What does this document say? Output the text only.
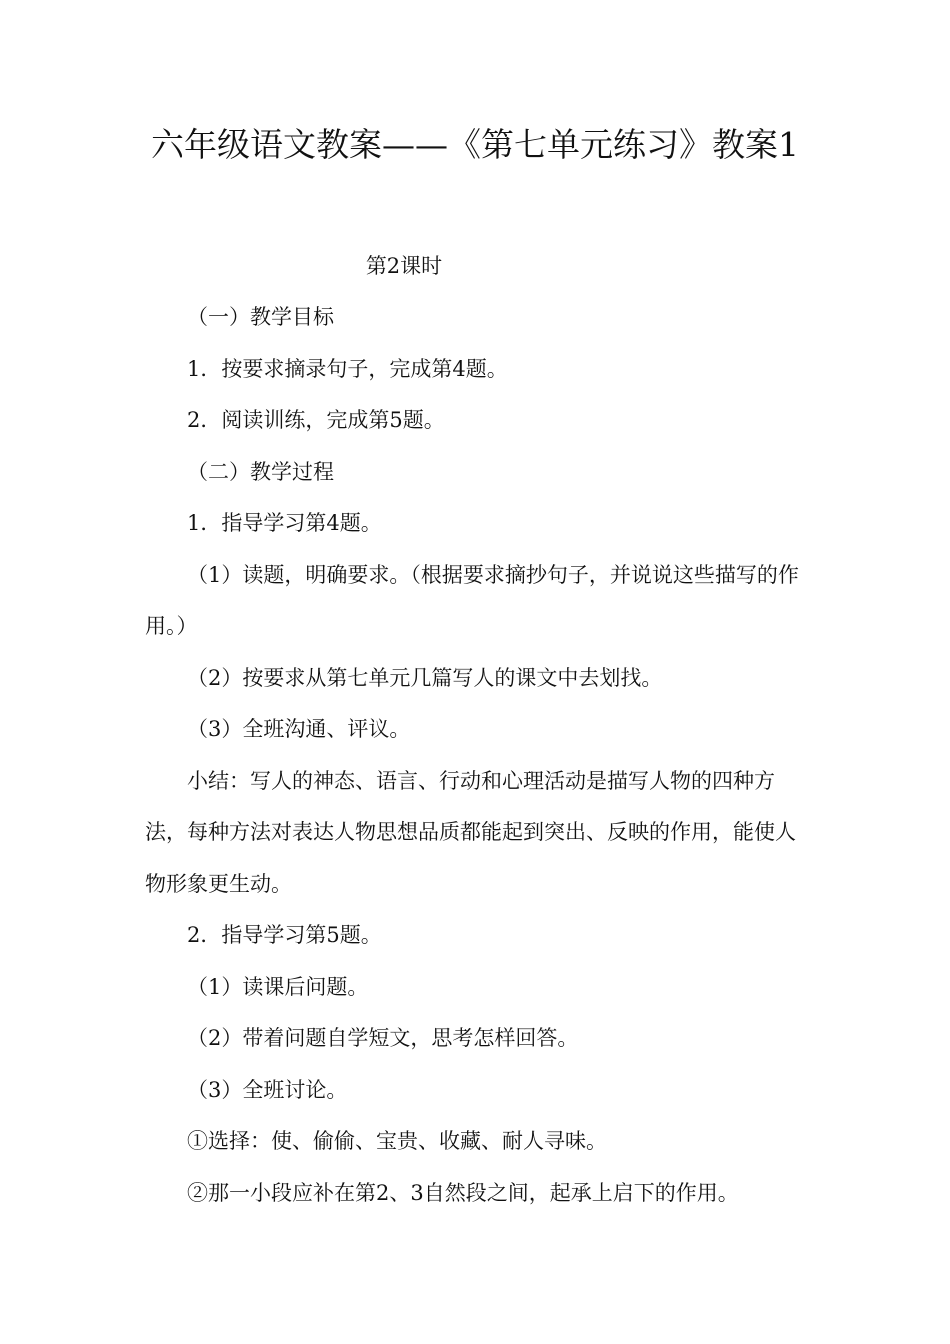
六年级语文教案——《第七单元练习》教案1

第2课时

（一）教学目标

1．按要求摘录句子，完成第4题。

2．阅读训练，完成第5题。

（二）教学过程

1．指导学习第4题。

（1）读题，明确要求。（根据要求摘抄句子，并说说这些描写的作用。）

（2）按要求从第七单元几篇写人的课文中去划找。

（3）全班沟通、评议。

小结：写人的神态、语言、行动和心理活动是描写人物的四种方法，每种方法对表达人物思想品质都能起到突出、反映的作用，能使人物形象更生动。

2．指导学习第5题。

（1）读课后问题。

（2）带着问题自学短文，思考怎样回答。

（3）全班讨论。

①选择：使、偷偷、宝贵、收藏、耐人寻味。

②那一小段应补在第2、3自然段之间，起承上启下的作用。
